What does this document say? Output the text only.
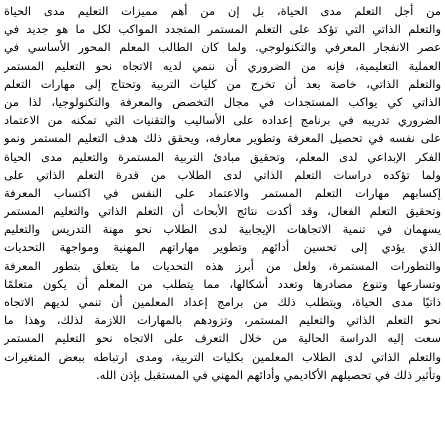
من أجل التعلم مدى الحياة، بل إن من أهم مميزات التعليم مدى الحياة
والتعلم الذاتي التي تؤكد على التعلم المستمر المتجدد المواكب لكل ما هو جديد في
عصر الانفجار المعرفي والتكنولوجي. ولما كان الطالب المعلم المحور الأساسي في
العملية التعليمية، فإنه من الضروري أن ننمي لديه الاتجاه نحو التعليم المستمر
والتعلم الذاتي، خاصة بعد أن تخرج من كليات التربية وتحتاج إلى مهارات التعلم
الذاتي كي يواكب المستجدات في مجال التخصص والمعرفة والتكنولوجيا، لذا من
الضروري تدريبه في برنامج إعداده على الأساليب والتقنيات التي تمكنه من الاعتماد
على نفسه في تحصيل المعرفة وتطوير معارفه، ويحقق ذلك هدف التعليم المستمر ونمو
الفكر الإبداعي لدى المعلم، وتحقيق مبادئ التربية المستمرة والتعليم مدى الحياة
ولما تؤكده دراسات التعلم الذاتي لدى الطلاب من قدرة التعلم الذاتي على
إكسابهم مهارات التعلم المستمر والاعتماد على النفس في اكتساب المعرفة
وتحقيق التعلم الفعال، وقد أكدت نتائج الأبحاث أن التعلم الذاتي والتعليم المستمر
يسهمان في تنمية الاتجاهات الإيجابية لدى الطلاب نحو مهنة التدريس والتعليم
الذي يؤدي إلى تحسين أدائهم وتطوير مهاراتهم المهنية ومواجهة التحديات
والتطورات المستمرة، ولعل من أبرز هذه التحديات ما يتعلق بتطور المعرفة
وتسارعها وتنوع مصادرها وتعدد أشكالها، مما يتطلب من المعلم أن يكون متعلمًا
ذاتيًا مدى الحياة، ويتطلب ذلك من برامج إعداد المعلمين أن تنمي لديهم الاتجاه
نحو التعلم الذاتي والتعليم المستمر، وتزودهم بالمهارات اللازمة لذلك، وهذا ما
سعت إليه الدراسة الحالية من خلال التعرف على الاتجاه نحو التعليم المستمر
والتعلم الذاتي لدى الطلاب المعلمين بكليات التربية، ومدى ارتباطه ببعض المتغيرات
وتأثير ذلك في تحصيلهم الأكاديمي وأدائهم المهني في المستقبل بإذن الله.
